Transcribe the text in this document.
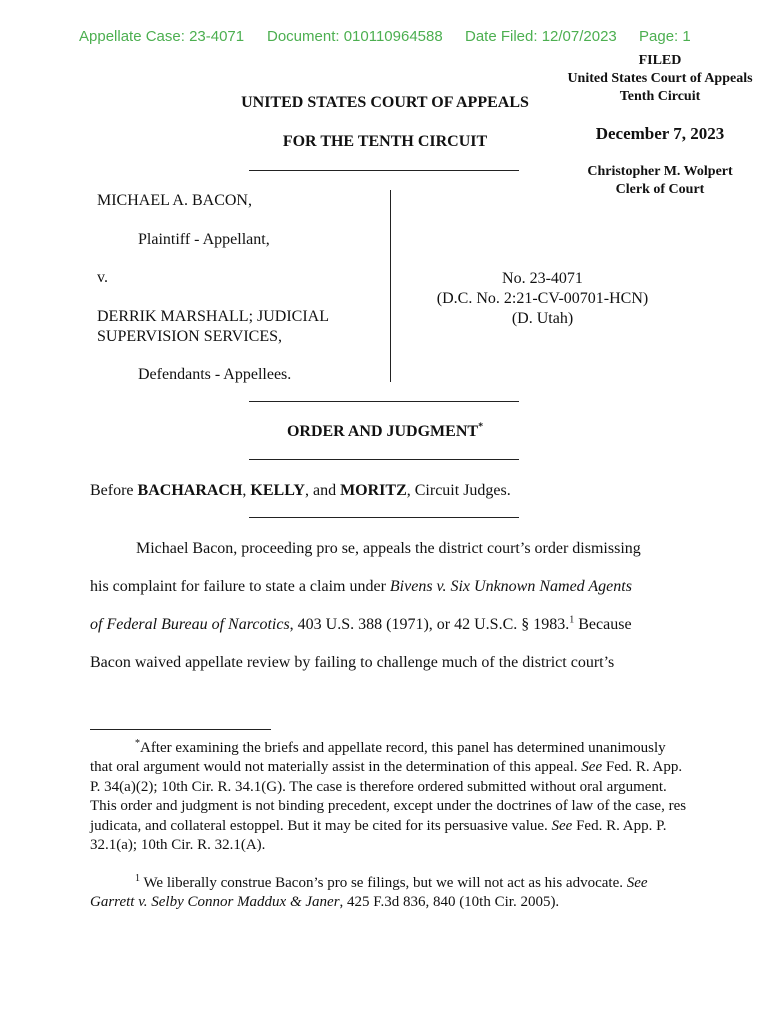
Appellate Case: 23-4071 Document: 010110964588 Date Filed: 12/07/2023 Page: 1
FILED
United States Court of Appeals
Tenth Circuit
December 7, 2023
Christopher M. Wolpert
Clerk of Court
UNITED STATES COURT OF APPEALS
FOR THE TENTH CIRCUIT
MICHAEL A. BACON,
Plaintiff - Appellant,
v.
DERRIK MARSHALL; JUDICIAL
SUPERVISION SERVICES,
Defendants - Appellees.
No. 23-4071
(D.C. No. 2:21-CV-00701-HCN)
(D. Utah)
ORDER AND JUDGMENT*
Before BACHARACH, KELLY, and MORITZ, Circuit Judges.
Michael Bacon, proceeding pro se, appeals the district court’s order dismissing
his complaint for failure to state a claim under Bivens v. Six Unknown Named Agents
of Federal Bureau of Narcotics, 403 U.S. 388 (1971), or 42 U.S.C. § 1983.$^1$ Because
Bacon waived appellate review by failing to challenge much of the district court’s
*After examining the briefs and appellate record, this panel has determined unanimously that oral argument would not materially assist in the determination of this appeal. See Fed. R. App. P. 34(a)(2); 10th Cir. R. 34.1(G). The case is therefore ordered submitted without oral argument. This order and judgment is not binding precedent, except under the doctrines of law of the case, res judicata, and collateral estoppel. But it may be cited for its persuasive value. See Fed. R. App. P. 32.1(a); 10th Cir. R. 32.1(A).
$^1$ We liberally construe Bacon’s pro se filings, but we will not act as his advocate. See Garrett v. Selby Connor Maddux & Janer, 425 F.3d 836, 840 (10th Cir. 2005).
